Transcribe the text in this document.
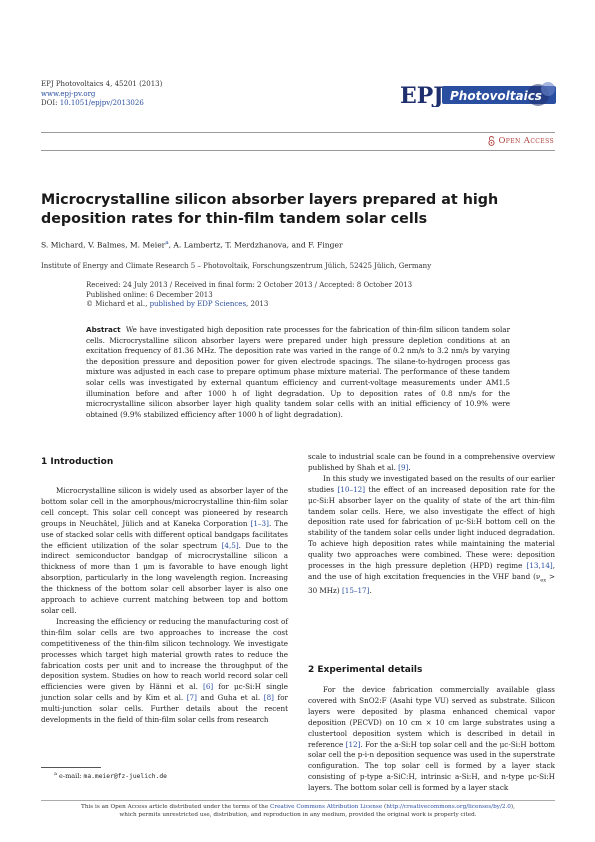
EPJ Photovoltaics 4, 45201 (2013)
www.epj-pv.org
DOI: 10.1051/epjpv/2013026	EPJ Photovoltaics
Open Access
Microcrystalline silicon absorber layers prepared at high deposition rates for thin-film tandem solar cells
S. Michard, V. Balmes, M. Meier$^a$, A. Lambertz, T. Merdzhanova, and F. Finger
Institute of Energy and Climate Research 5 – Photovoltaik, Forschungszentrum Jülich, 52425 Jülich, Germany
Received: 24 July 2013 / Received in final form: 2 October 2013 / Accepted: 8 October 2013
Published online: 6 December 2013
© Michard et al., published by EDP Sciences, 2013
Abstract We have investigated high deposition rate processes for the fabrication of thin-film silicon tandem solar cells. Microcrystalline silicon absorber layers were prepared under high pressure depletion conditions at an excitation frequency of 81.36 MHz. The deposition rate was varied in the range of 0.2 nm/s to 3.2 nm/s by varying the deposition pressure and deposition power for given electrode spacings. The silane-to-hydrogen process gas mixture was adjusted in each case to prepare optimum phase mixture material. The performance of these tandem solar cells was investigated by external quantum efficiency and current-voltage measurements under AM1.5 illumination before and after 1000 h of light degradation. Up to deposition rates of 0.8 nm/s for the microcrystalline silicon absorber layer high quality tandem solar cells with an initial efficiency of 10.9% were obtained (9.9% stabilized efficiency after 1000 h of light degradation).
1 Introduction

Microcrystalline silicon is widely used as absorber layer of the bottom solar cell in the amorphous/microcrystalline thin-film solar cell concept. This solar cell concept was pioneered by research groups in Neuchâtel, Jülich and at Kaneka Corporation [1–3]. The use of stacked solar cells with different optical bandgaps facilitates the efficient utilization of the solar spectrum [4,5]. Due to the indirect semiconductor bandgap of microcrystalline silicon a thickness of more than 1 μm is favorable to have enough light absorption, particularly in the long wavelength region. Increasing the thickness of the bottom solar cell absorber layer is also one approach to achieve current matching between top and bottom solar cell.

Increasing the efficiency or reducing the manufacturing cost of thin-film solar cells are two approaches to increase the cost competitiveness of the thin-film silicon technology. We investigate processes which target high material growth rates to reduce the fabrication costs per unit and to increase the throughput of the deposition system. Studies on how to reach world record solar cell efficiencies were given by Hänni et al. [6] for μc-Si:H single junction solar cells and by Kim et al. [7] and Guha et al. [8] for multi-junction solar cells. Further details about the recent developments in the field of thin-film solar cells from research

scale to industrial scale can be found in a comprehensive overview published by Shah et al. [9].

In this study we investigated based on the results of our earlier studies [10–12] the effect of an increased deposition rate for the μc-Si:H absorber layer on the quality of state of the art thin-film tandem solar cells. Here, we also investigate the effect of high deposition rate used for fabrication of μc-Si:H bottom cell on the stability of the tandem solar cells under light induced degradation. To achieve high deposition rates while maintaining the material quality two approaches were combined. These were: deposition processes in the high pressure depletion (HPD) regime [13,14], and the use of high excitation frequencies in the VHF band ($\nu_{ex} > 30$ MHz) [15–17].

2 Experimental details

For the device fabrication commercially available glass covered with SnO2:F (Asahi type VU) served as substrate. Silicon layers were deposited by plasma enhanced chemical vapor deposition (PECVD) on 10 cm × 10 cm large substrates using a clustertool deposition system which is described in detail in reference [12]. For the a-Si:H top solar cell and the μc-Si:H bottom solar cell the p-i-n deposition sequence was used in the superstrate configuration. The top solar cell is formed by a layer stack consisting of p-type a-SiC:H, intrinsic a-Si:H, and n-type μc-Si:H layers. The bottom solar cell is formed by a layer stack

$^a$ e-mail: ma.meier@fz-juelich.de
This is an Open Access article distributed under the terms of the Creative Commons Attribution License (http://creativecommons.org/licenses/by/2.0),
which permits unrestricted use, distribution, and reproduction in any medium, provided the original work is properly cited.
